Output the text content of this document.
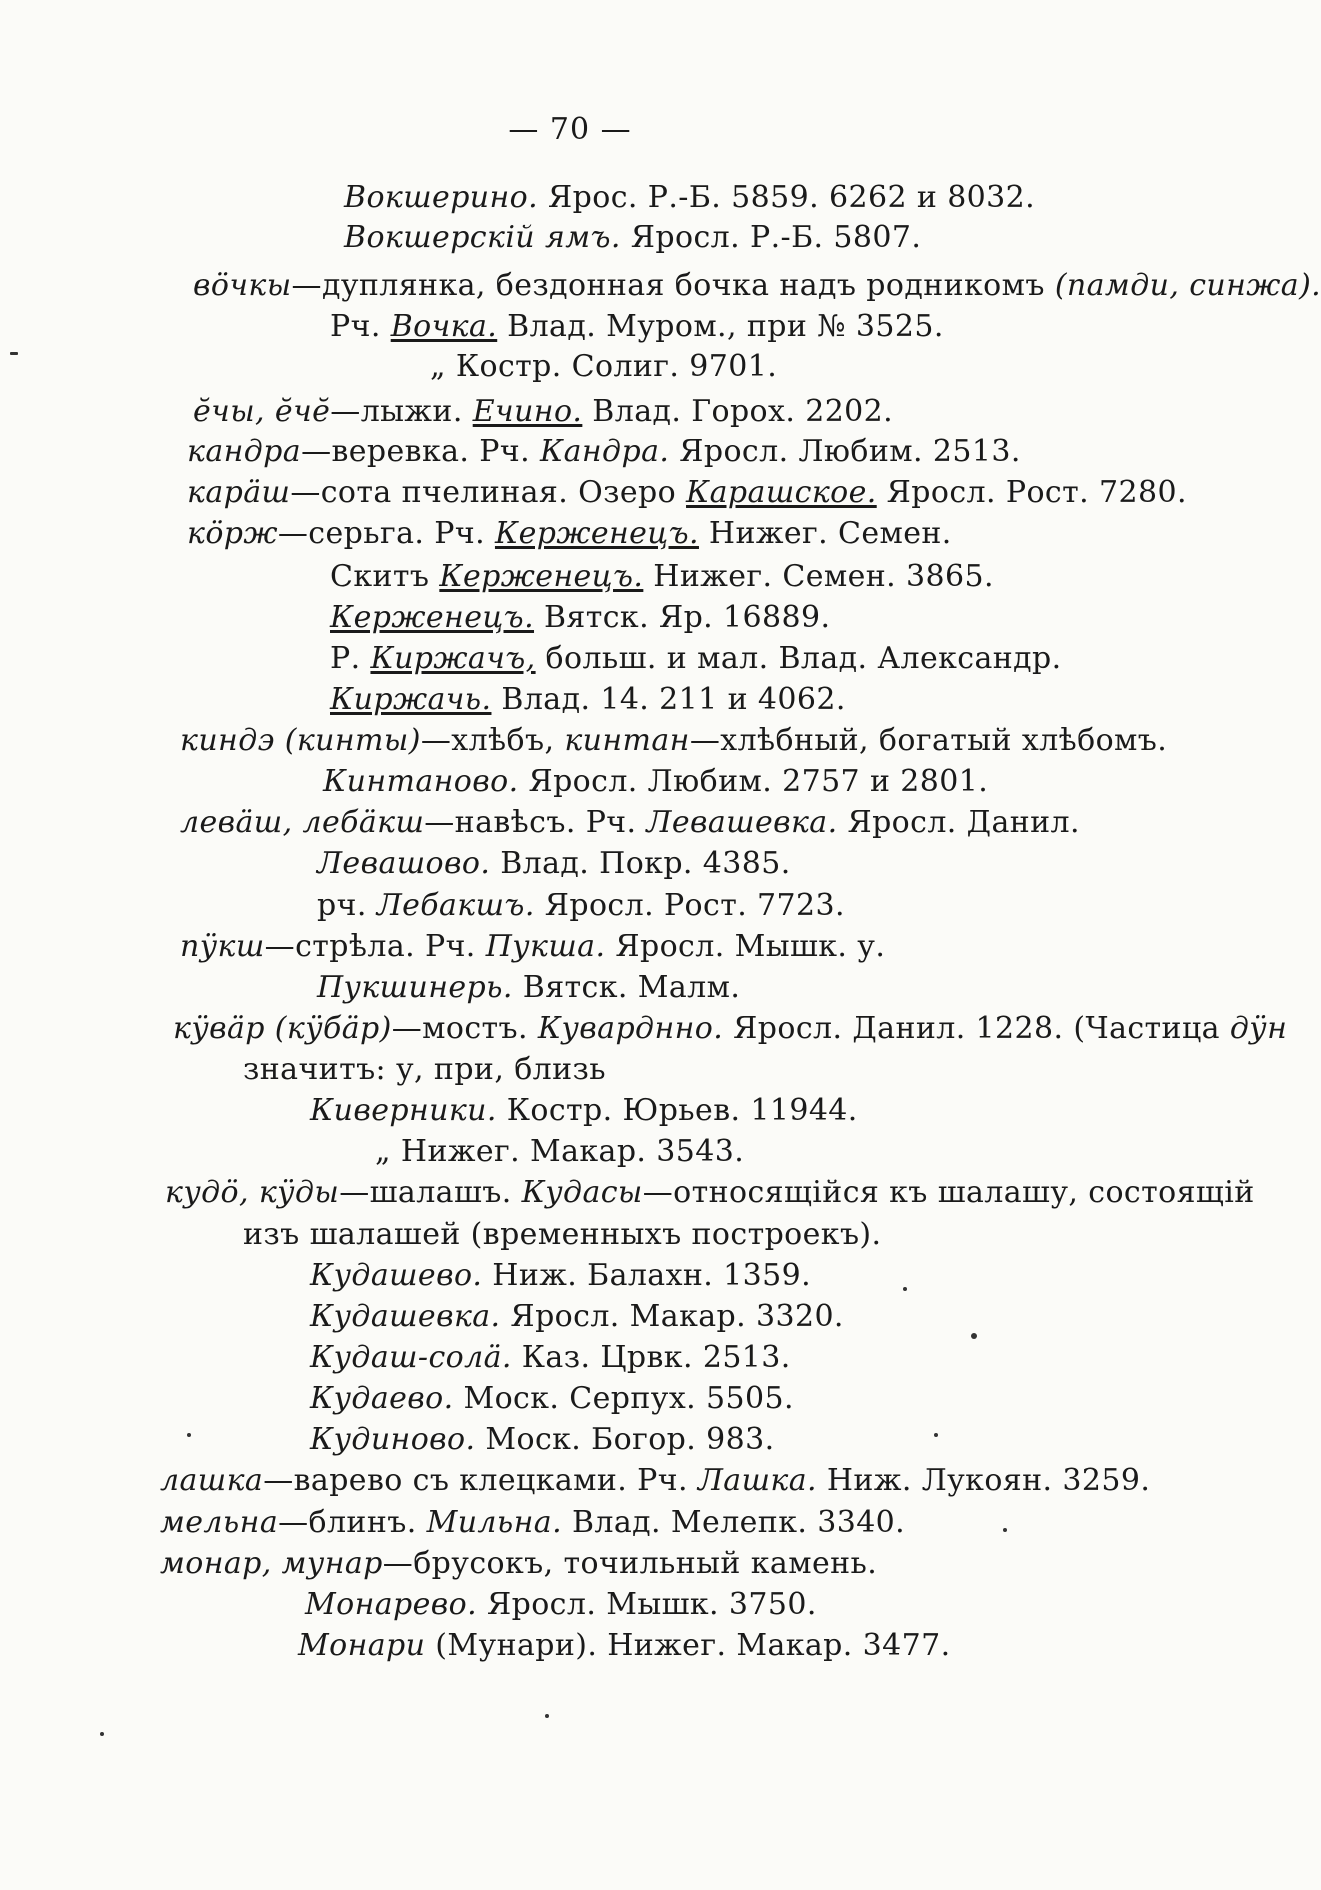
— 70 —
Вокшерино. Ярос. Р.-Б. 5859. 6262 и 8032.
Вокшерскій ямъ. Яросл. Р.-Б. 5807.
вӧчкы—дуплянка, бездонная бочка надъ родникомъ (памди, синжа).
Рч. Вочка. Влад. Муром., при № 3525.
„ Костр. Солиг. 9701.
ӗчы, ӗчӗ—лыжи. Ечино. Влад. Горох. 2202.
кандра—веревка. Рч. Кандра. Яросл. Любим. 2513.
карӓш—сота пчелиная. Озеро Карашское. Яросл. Рост. 7280.
кӧрж—серьга. Рч. Керженецъ. Нижег. Семен.
Скитъ Керженецъ. Нижег. Семен. 3865.
Керженецъ. Вятск. Яр. 16889.
Р. Киржачъ, больш. и мал. Влад. Александр.
Киржачь. Влад. 14. 211 и 4062.
киндэ (кинты)—хлѣбъ, кинтан—хлѣбный, богатый хлѣбомъ.
Кинтаново. Яросл. Любим. 2757 и 2801.
левӓш, лебӓкш—навѣсъ. Рч. Левашевка. Яросл. Данил.
Левашово. Влад. Покр. 4385.
рч. Лебакшъ. Яросл. Рост. 7723.
пӱкш—стрѣла. Рч. Пукша. Яросл. Мышк. у.
Пукшинерь. Вятск. Малм.
кӱвӓр (кӱбӓр)—мостъ. Куварднно. Яросл. Данил. 1228. (Частица дӱн
значитъ: у, при, близь
Киверники. Костр. Юрьев. 11944.
„ Нижег. Макар. 3543.
кудӧ, кӱды—шалашъ. Кудасы—относящійся къ шалашу, состоящій
изъ шалашей (временныхъ построекъ).
Кудашево. Ниж. Балахн. 1359.
Кудашевка. Яросл. Макар. 3320.
Кудаш-солӓ. Каз. Црвк. 2513.
Кудаево. Моск. Серпух. 5505.
Кудиново. Моск. Богор. 983.
лашка—варево съ клецками. Рч. Лашка. Ниж. Лукоян. 3259.
мельна—блинъ. Мильна. Влад. Мелепк. 3340.
монар, мунар—брусокъ, точильный камень.
Монарево. Яросл. Мышк. 3750.
Монари (Мунари). Нижег. Макар. 3477.
